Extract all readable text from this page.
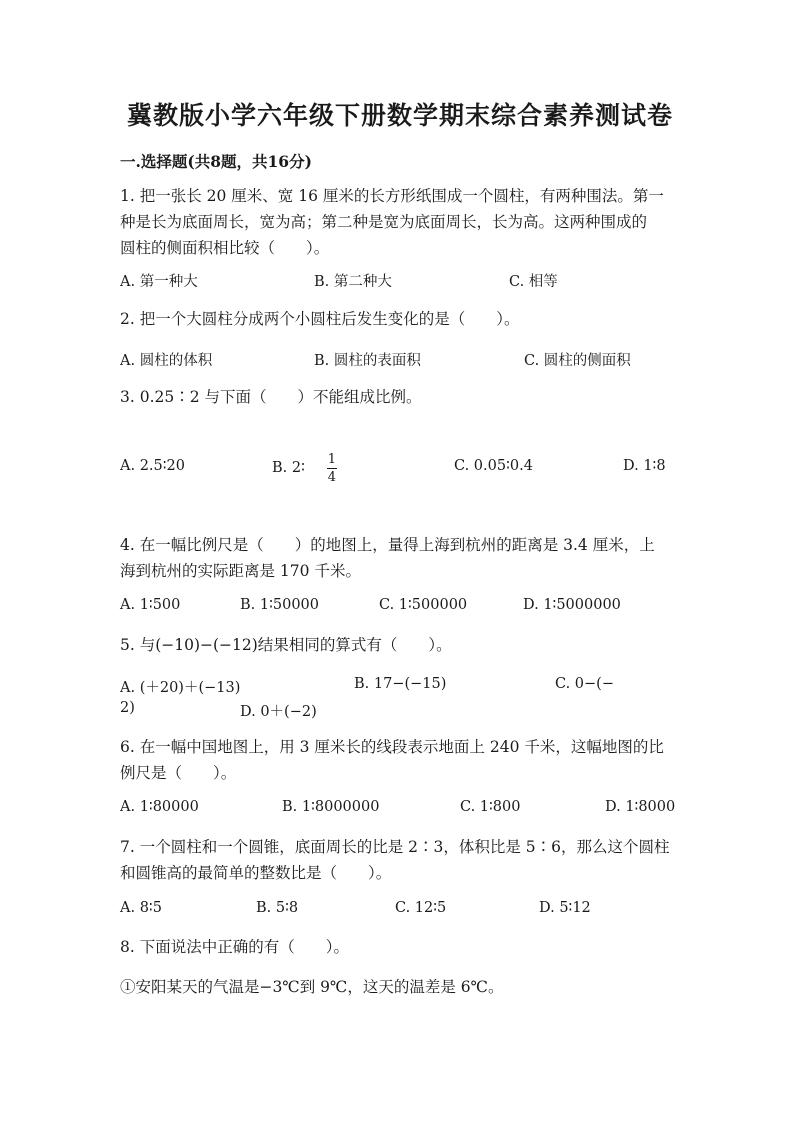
冀教版小学六年级下册数学期末综合素养测试卷
一.选择题(共8题，共16分)
1. 把一张长 20 厘米、宽 16 厘米的长方形纸围成一个圆柱，有两种围法。第一
种是长为底面周长，宽为高；第二种是宽为底面周长，长为高。这两种围成的
圆柱的侧面积相比较（　　）。
A. 第一种大	B. 第二种大	C. 相等
2. 把一个大圆柱分成两个小圆柱后发生变化的是（　　）。
A. 圆柱的体积	B. 圆柱的表面积	C. 圆柱的侧面积
3. 0.25∶2 与下面（　　）不能组成比例。
A. 2.5∶20	B. 2∶ $\frac{1}{4}$	C. 0.05∶0.4	D. 1∶8
4. 在一幅比例尺是（　　）的地图上，量得上海到杭州的距离是 3.4 厘米，上
海到杭州的实际距离是 170 千米。
A. 1∶500	B. 1∶50000	C. 1∶500000	D. 1∶5000000
5. 与(−10)−(−12)结果相同的算式有（　　）。
A. (＋20)＋(−13)	B. 17−(−15)	C. 0−(−
2)	D. 0＋(−2)
6. 在一幅中国地图上，用 3 厘米长的线段表示地面上 240 千米，这幅地图的比
例尺是（　　）。
A. 1∶80000	B. 1∶8000000	C. 1∶800	D. 1∶8000
7. 一个圆柱和一个圆锥，底面周长的比是 2∶3，体积比是 5∶6，那么这个圆柱
和圆锥高的最简单的整数比是（　　）。
A. 8∶5	B. 5∶8	C. 12∶5	D. 5∶12
8. 下面说法中正确的有（　　）。
①安阳某天的气温是−3℃到 9℃，这天的温差是 6℃。
